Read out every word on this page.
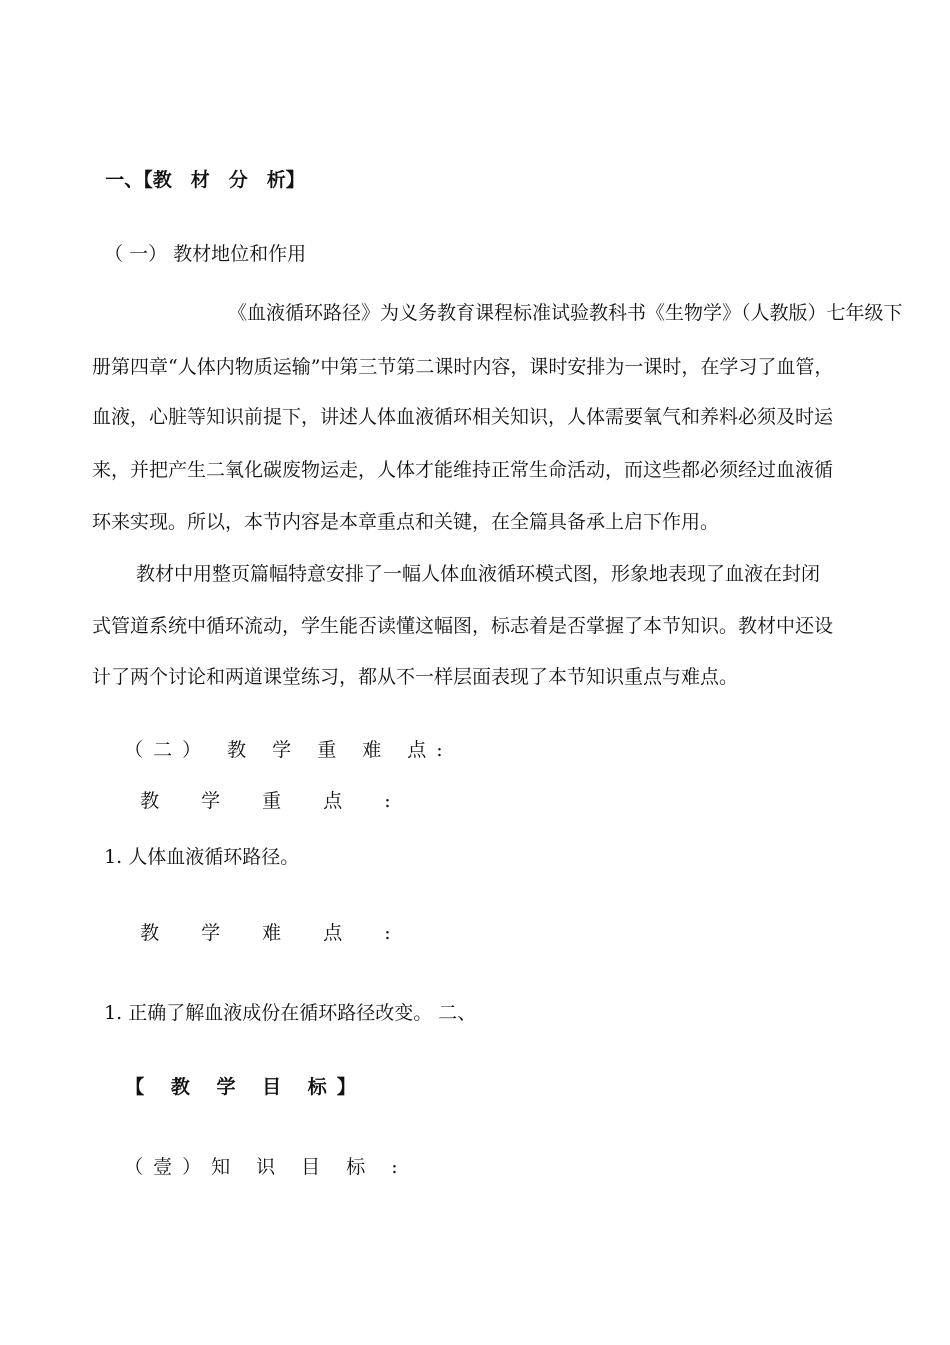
一、【教　材　分　析】

（ 一） 教材地位和作用

《血液循环路径》为义务教育课程标准试验教科书《生物学》（人教版）七年级下
册第四章“人体内物质运输”中第三节第二课时内容，课时安排为一课时，在学习了血管，
血液，心脏等知识前提下，讲述人体血液循环相关知识，人体需要氧气和养料必须及时运
来，并把产生二氧化碳废物运走，人体才能维持正常生命活动，而这些都必须经过血液循
环来实现。所以，本节内容是本章重点和关键，在全篇具备承上启下作用。
教材中用整页篇幅特意安排了一幅人体血液循环模式图，形象地表现了血液在封闭
式管道系统中循环流动，学生能否读懂这幅图，标志着是否掌握了本节知识。教材中还设
计了两个讨论和两道课堂练习，都从不一样层面表现了本节知识重点与难点。

（二） 教 学 重 难 点:

教 学 重 点 :

1. 人体血液循环路径。

教 学 难 点 :

1. 正确了解血液成份在循环路径改变。 二、

【 教 学 目 标】

（壹）知 识 目 标 :
